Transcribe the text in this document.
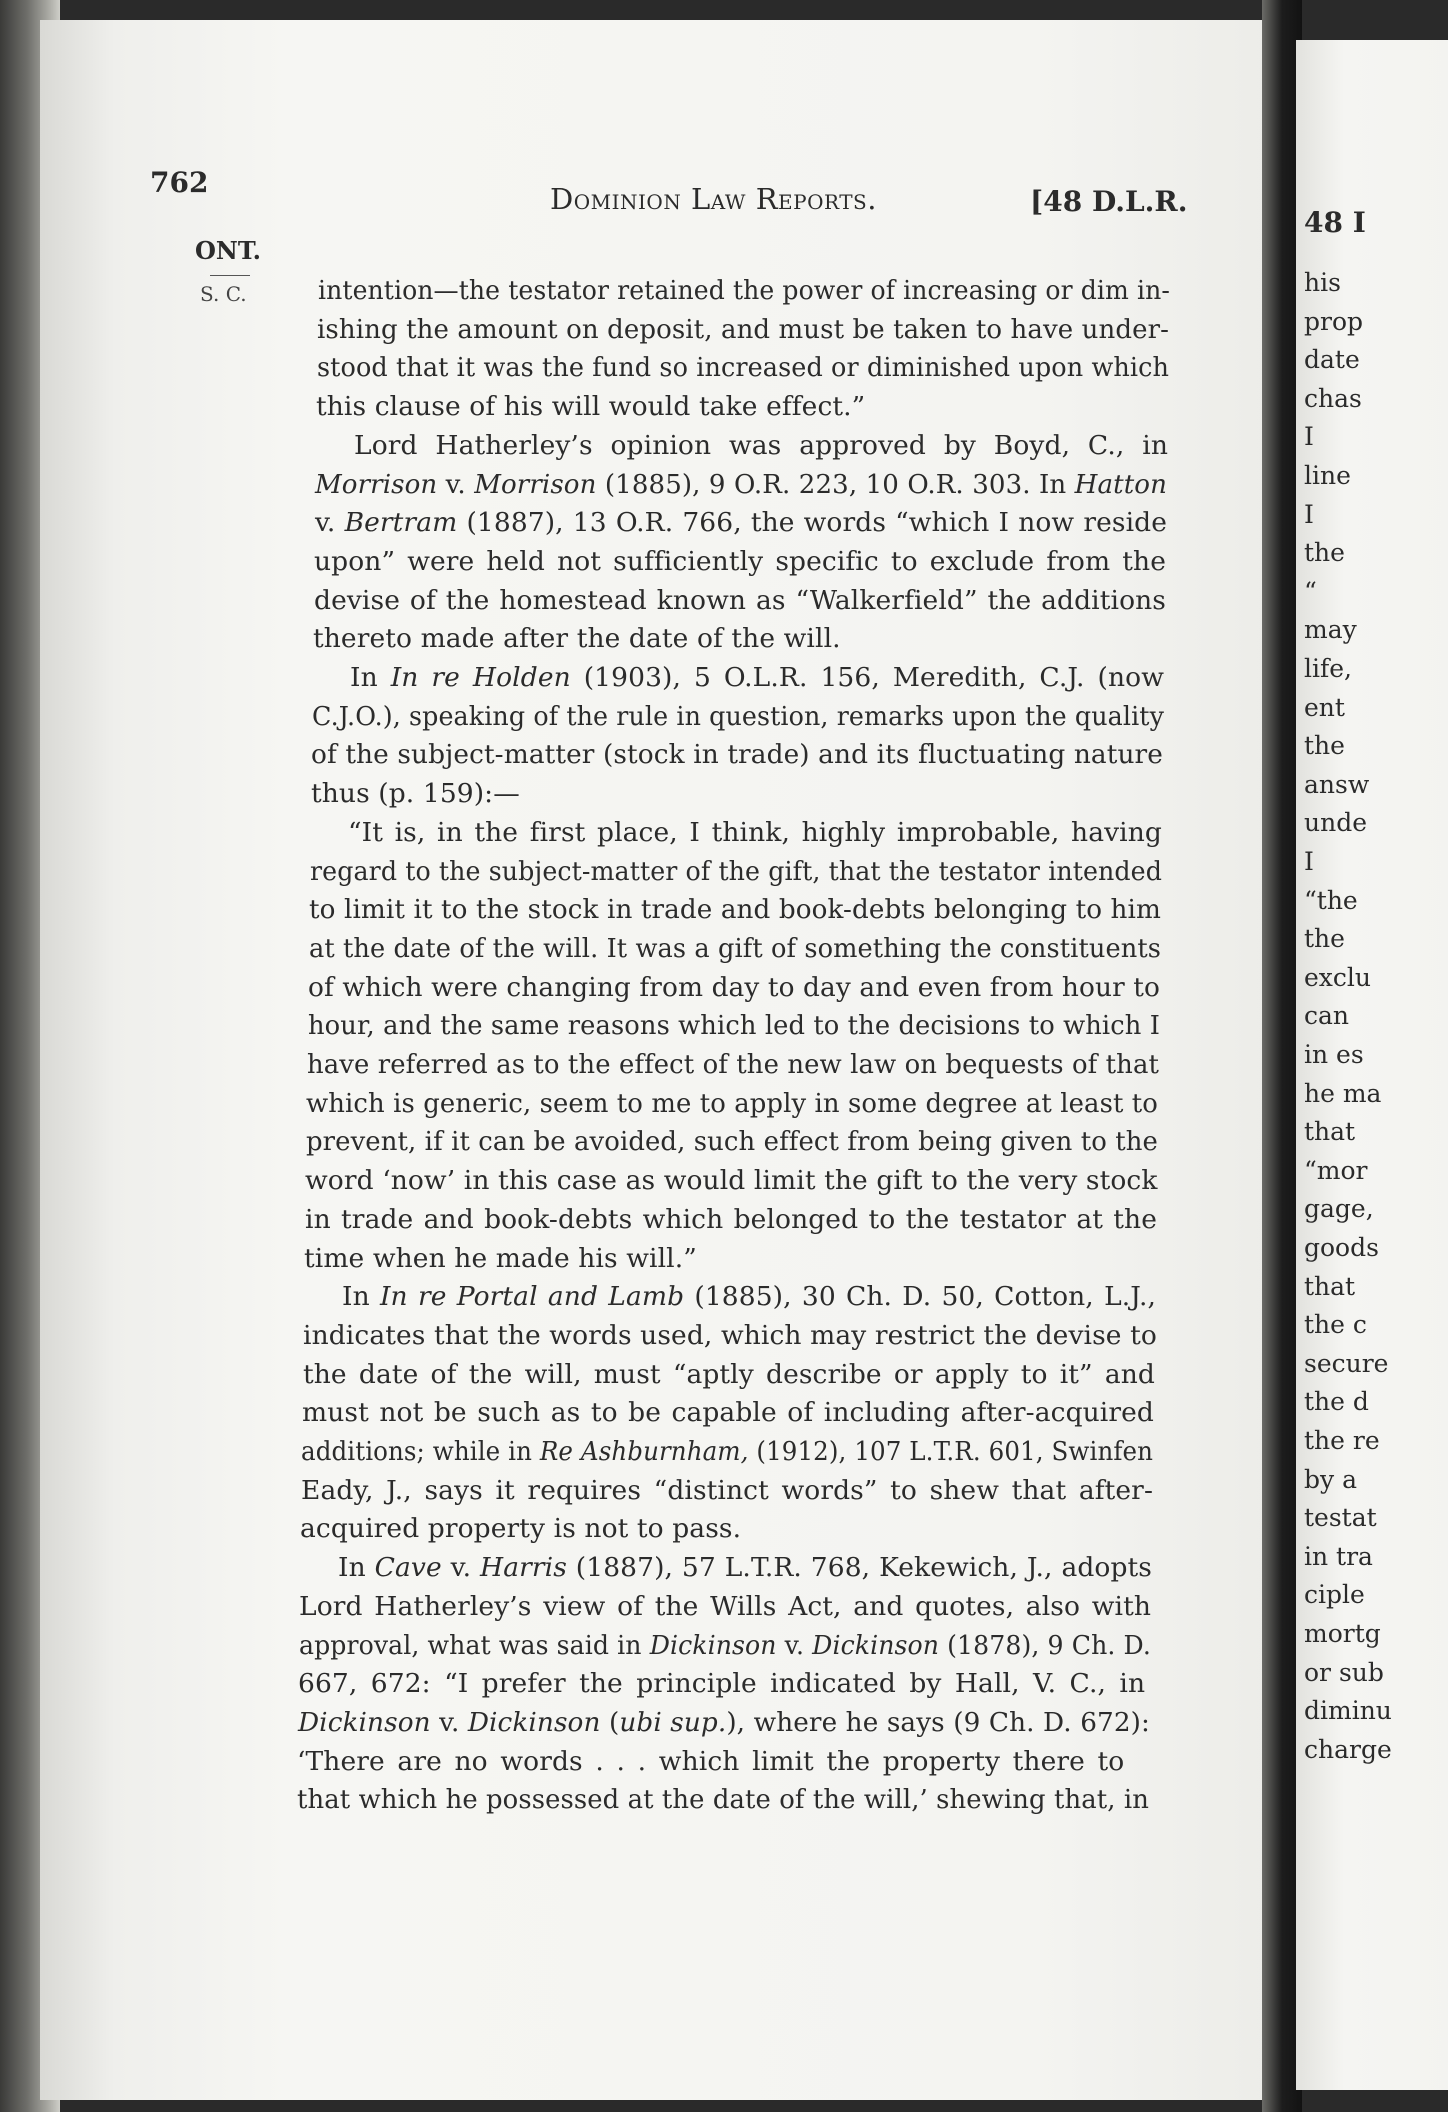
762	Dominion Law Reports.	[48 D.L.R.
ONT.
S. C.	intention—the testator retained the power of increasing or dim in-
ishing the amount on deposit, and must be taken to have under-
stood that it was the fund so increased or diminished upon which
this clause of his will would take effect.”
Lord Hatherley’s opinion was approved by Boyd, C., in
Morrison v. Morrison (1885), 9 O.R. 223, 10 O.R. 303. In Hatton
v. Bertram (1887), 13 O.R. 766, the words “which I now reside
upon” were held not sufficiently specific to exclude from the
devise of the homestead known as “Walkerfield” the additions
thereto made after the date of the will.
In In re Holden (1903), 5 O.L.R. 156, Meredith, C.J. (now
C.J.O.), speaking of the rule in question, remarks upon the quality
of the subject-matter (stock in trade) and its fluctuating nature
thus (p. 159):—
“It is, in the first place, I think, highly improbable, having
regard to the subject-matter of the gift, that the testator intended
to limit it to the stock in trade and book-debts belonging to him
at the date of the will. It was a gift of something the constituents
of which were changing from day to day and even from hour to
hour, and the same reasons which led to the decisions to which I
have referred as to the effect of the new law on bequests of that
which is generic, seem to me to apply in some degree at least to
prevent, if it can be avoided, such effect from being given to the
word ‘now’ in this case as would limit the gift to the very stock
in trade and book-debts which belonged to the testator at the
time when he made his will.”
In In re Portal and Lamb (1885), 30 Ch. D. 50, Cotton, L.J.,
indicates that the words used, which may restrict the devise to
the date of the will, must “aptly describe or apply to it” and
must not be such as to be capable of including after-acquired
additions; while in Re Ashburnham, (1912), 107 L.T.R. 601, Swinfen
Eady, J., says it requires “distinct words” to shew that after-
acquired property is not to pass.
In Cave v. Harris (1887), 57 L.T.R. 768, Kekewich, J., adopts
Lord Hatherley’s view of the Wills Act, and quotes, also with
approval, what was said in Dickinson v. Dickinson (1878), 9 Ch. D.
667, 672: “I prefer the principle indicated by Hall, V. C., in
Dickinson v. Dickinson (ubi sup.), where he says (9 Ch. D. 672):
‘There are no words . . . which limit the property there to
that which he possessed at the date of the will,’ shewing that, in
48 I
his
prop
date
chas
I
line
I
the
“
may
life,
ent
the
answ
unde
I
“the
the
exclu
can
in es
he ma
that
“mor
gage,
goods
that
the c
secure
the d
the re
by a
testat
in tra
ciple
mortg
or sub
diminu
charge
